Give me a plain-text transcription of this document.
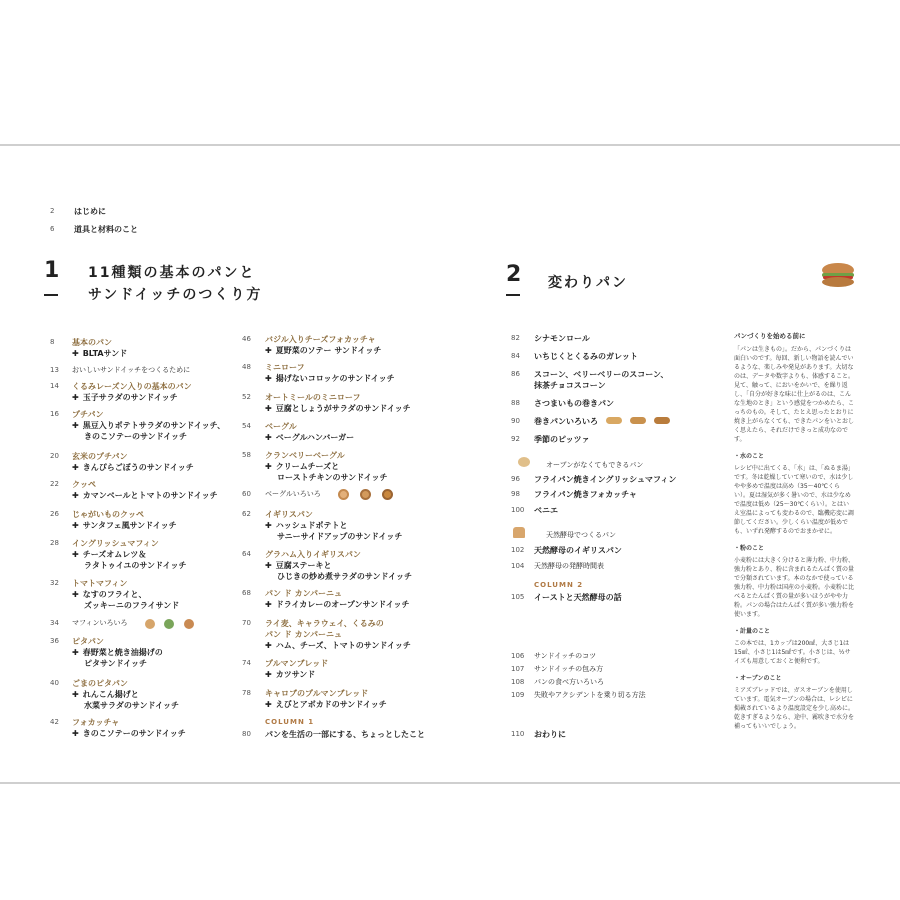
2	はじめに
6	道具と材料のこと
1 11種類の基本のパンと
サンドイッチのつくり方
2 変わりパン
8	基本のパン
✚ BLTAサンド
13	おいしいサンドイッチをつくるために
14	くるみレーズン入りの基本のパン
✚ 玉子サラダのサンドイッチ
16	プチパン
✚ 黒豆入りポテトサラダのサンドイッチ、
きのこソテーのサンドイッチ
20	玄米のプチパン
✚ きんぴらごぼうのサンドイッチ
22	クッペ
✚ カマンベールとトマトのサンドイッチ
26	じゃがいものクッペ
✚ サンタフェ風サンドイッチ
28	イングリッシュマフィン
✚ チーズオムレツ＆
ラタトゥイユのサンドイッチ
32	トマトマフィン
✚ なすのフライと、
ズッキーニのフライサンド
34	マフィンいろいろ
36	ピタパン
✚ 春野菜と焼き油揚げの
ピタサンドイッチ
40	ごまのピタパン
✚ れんこん揚げと
水菜サラダのサンドイッチ
42	フォカッチャ
✚ きのこソテーのサンドイッチ
46	バジル入りチーズフォカッチャ
✚ 夏野菜のソテー サンドイッチ
48	ミニローフ
✚ 揚げないコロッケのサンドイッチ
52	オートミールのミニローフ
✚ 豆腐としょうがサラダのサンドイッチ
54	ベーグル
✚ ベーグルハンバーガー
58	クランベリーベーグル
✚ クリームチーズと
ローストチキンのサンドイッチ
60	ベーグルいろいろ
62	イギリスパン
✚ ハッシュドポテトと
サニーサイドアップのサンドイッチ
64	グラハム入りイギリスパン
✚ 豆腐ステーキと
ひじきの炒め煮サラダのサンドイッチ
68	パン ド カンパーニュ
✚ ドライカレーのオープンサンドイッチ
70	ライ麦、キャラウェイ、くるみの
パン ド カンパーニュ
✚ ハム、チーズ、トマトのサンドイッチ
74	プルマンブレッド
✚ カツサンド
78	キャロブのプルマンブレッド
✚ えびとアボカドのサンドイッチ
COLUMN 1
80	パンを生活の一部にする、ちょっとしたこと
82	シナモンロール
84	いちじくとくるみのガレット
86	スコーン、ベリーベリーのスコーン、
抹茶チョコスコーン
88	さつまいもの巻きパン
90	巻きパンいろいろ
92	季節のピッツァ
オーブンがなくてもできるパン
96	フライパン焼きイングリッシュマフィン
98	フライパン焼きフォカッチャ
100	ベニエ
天然酵母でつくるパン
102	天然酵母のイギリスパン
104	天然酵母の発酵時間表
COLUMN 2
105	イーストと天然酵母の話
106	サンドイッチのコツ
107	サンドイッチの包み方
108	パンの食べ方いろいろ
109	失敗やアクシデントを乗り切る方法
110	おわりに
パンづくりを始める前に

「パンは生きもの」。だから、パンづくりは面白いのです。毎回、新しい物語を読んでいるような、楽しみや発見があります。大切なのは、データや数字よりも、体感すること。見て、触って、においをかいで、を繰り返し、「自分が好きな味に仕上がるのは、こんな生地のとき」という感覚をつかめたら、こっちのもの。そして、たとえ思ったとおりに焼き上がらなくても、できたパンをいとおしく思えたら、それだけできっと成功なのです。

・水のこと

レシピ中に出てくる、「水」は、「ぬるま湯」です。冬は乾燥していて寒いので、水は少しやや多めで温度は高め（35～40℃くらい）。夏は湿気が多く暑いので、水は少なめで温度は低め（25～30℃くらい）。とはいえ室温によっても変わるので、臨機応変に調節してください。少しくらい温度が低めでも、いずれ発酵するのでおまかせに。

・粉のこと

小麦粉には大きく分けると薄力粉、中力粉、強力粉とあり、粉に含まれるたんぱく質の量で分類されています。本のなかで使っている強力粉、中力粉は国産の小麦粉。小麦粉に比べるとたんぱく質の量が多いほうがやや力粉。パンの場合はたんぱく質が多い強力粉を使います。

・計量のこと

この本では、1カップは200㎖、大さじ1は15㎖、小さじ1は5㎖です。小さじは、½サイズも用意しておくと便利です。

・オーブンのこと

ミアズブレッドでは、ガスオーブンを使用しています。電気オーブンの場合は、レシピに掲載されているより温度設定を少し高めに。乾きすぎるようなら、途中、霧吹きで水分を補ってもいいでしょう。
